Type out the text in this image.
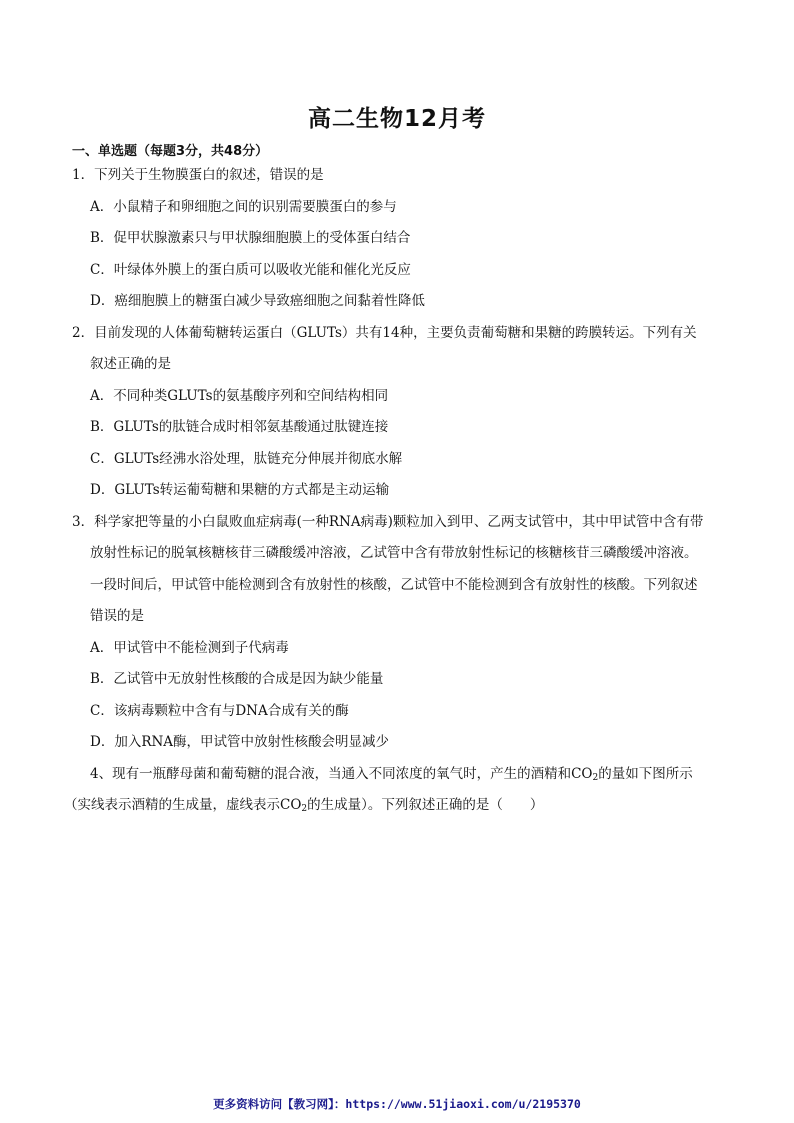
高二生物12月考
一、单选题（每题3分，共48分）
1．下列关于生物膜蛋白的叙述，错误的是
A．小鼠精子和卵细胞之间的识别需要膜蛋白的参与
B．促甲状腺激素只与甲状腺细胞膜上的受体蛋白结合
C．叶绿体外膜上的蛋白质可以吸收光能和催化光反应
D．癌细胞膜上的糖蛋白减少导致癌细胞之间黏着性降低
2．目前发现的人体葡萄糖转运蛋白（GLUTs）共有14种，主要负责葡萄糖和果糖的跨膜转运。下列有关
叙述正确的是
A．不同种类GLUTs的氨基酸序列和空间结构相同
B．GLUTs的肽链合成时相邻氨基酸通过肽键连接
C．GLUTs经沸水浴处理，肽链充分伸展并彻底水解
D．GLUTs转运葡萄糖和果糖的方式都是主动运输
3．科学家把等量的小白鼠败血症病毒(一种RNA病毒)颗粒加入到甲、乙两支试管中，其中甲试管中含有带
放射性标记的脱氧核糖核苷三磷酸缓冲溶液，乙试管中含有带放射性标记的核糖核苷三磷酸缓冲溶液。
一段时间后，甲试管中能检测到含有放射性的核酸，乙试管中不能检测到含有放射性的核酸。下列叙述
错误的是
A．甲试管中不能检测到子代病毒
B．乙试管中无放射性核酸的合成是因为缺少能量
C．该病毒颗粒中含有与DNA合成有关的酶
D．加入RNA酶，甲试管中放射性核酸会明显减少
4、现有一瓶酵母菌和葡萄糖的混合液，当通入不同浓度的氧气时，产生的酒精和$CO_2$的量如下图所示
（实线表示酒精的生成量，虚线表示$CO_2$的生成量）。下列叙述正确的是（　　）
更多资料访问【教习网】：https://www.51jiaoxi.com/u/2195370
